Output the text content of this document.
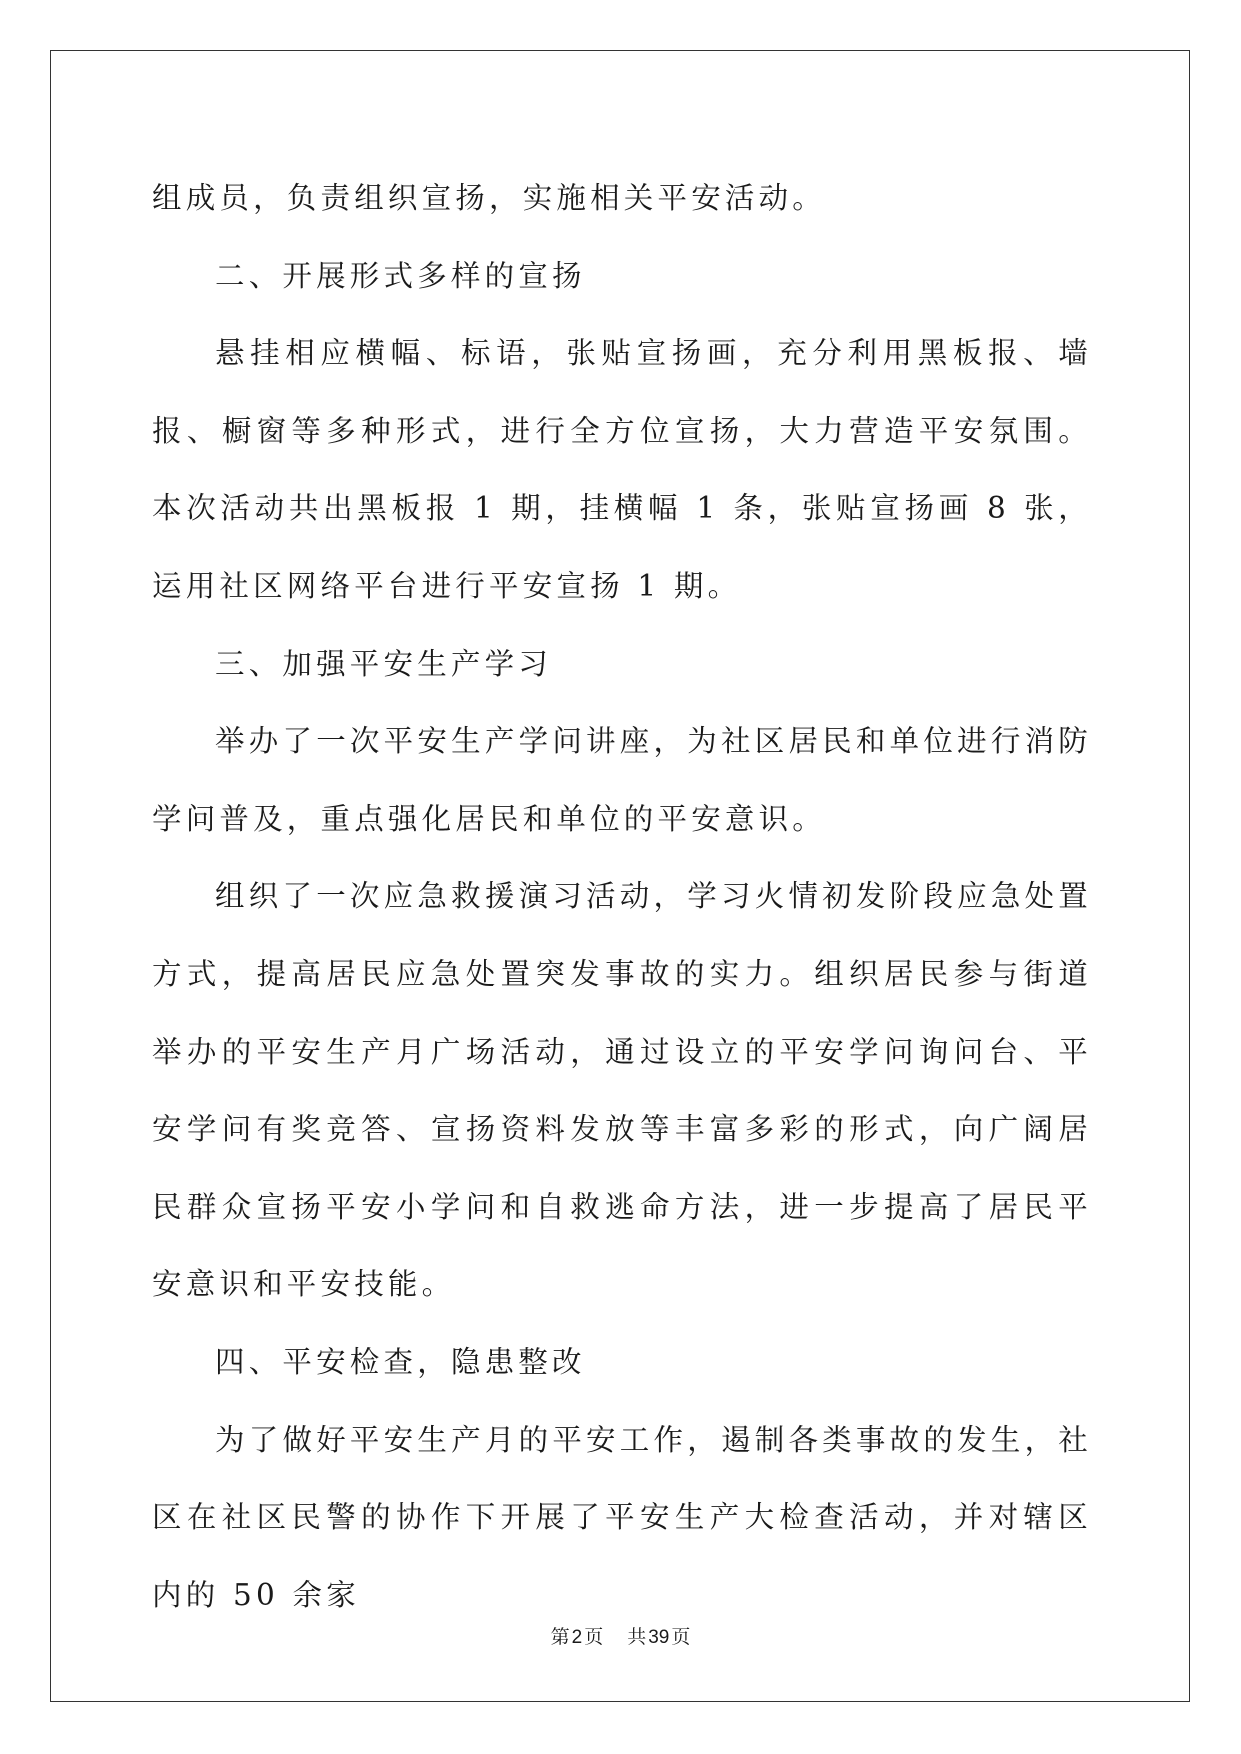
组成员，负责组织宣扬，实施相关平安活动。

二、开展形式多样的宣扬

悬挂相应横幅、标语，张贴宣扬画，充分利用黑板报、墙报、橱窗等多种形式，进行全方位宣扬，大力营造平安氛围。本次活动共出黑板报 1 期，挂横幅 1 条，张贴宣扬画 8 张，运用社区网络平台进行平安宣扬 1 期。

三、加强平安生产学习

举办了一次平安生产学问讲座，为社区居民和单位进行消防学问普及，重点强化居民和单位的平安意识。

组织了一次应急救援演习活动，学习火情初发阶段应急处置方式，提高居民应急处置突发事故的实力。组织居民参与街道举办的平安生产月广场活动，通过设立的平安学问询问台、平安学问有奖竞答、宣扬资料发放等丰富多彩的形式，向广阔居民群众宣扬平安小学问和自救逃命方法，进一步提高了居民平安意识和平安技能。

四、平安检查，隐患整改

为了做好平安生产月的平安工作，遏制各类事故的发生，社区在社区民警的协作下开展了平安生产大检查活动，并对辖区内的 50 余家

第 2 页 共 39 页
